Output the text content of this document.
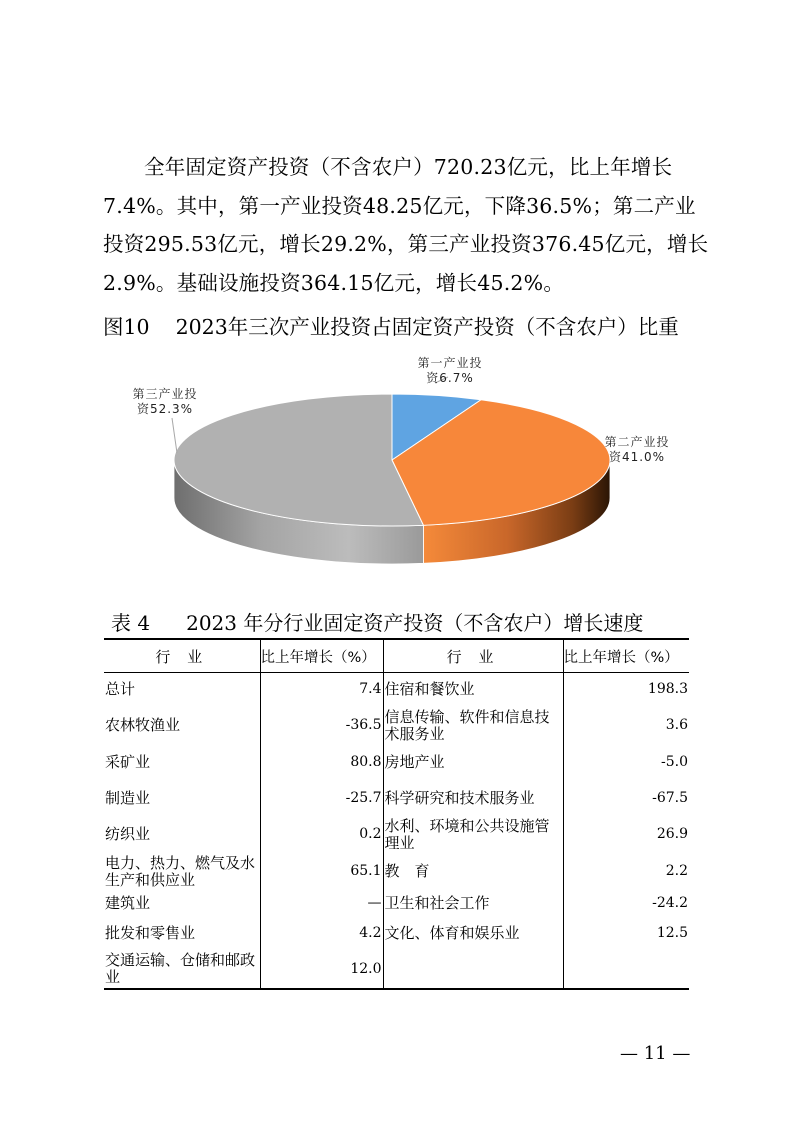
全年固定资产投资（不含农户）720.23亿元，比上年增长
7.4%。其中，第一产业投资48.25亿元，下降36.5%；第二产业
投资295.53亿元，增长29.2%，第三产业投资376.45亿元，增长
2.9%。基础设施投资364.15亿元，增长45.2%。
图10 2023年三次产业投资占固定资产投资（不含农户）比重
第一产业投
资6.7%
第二产业投
资41.0%
第三产业投
资52.3%
表 4 2023 年分行业固定资产投资（不含农户）增长速度
行 业	比上年增长（%）	行 业	比上年增长（%）
总计	7.4	住宿和餐饮业	198.3
农林牧渔业	-36.5	信息传输、软件和信息技术服务业	3.6
采矿业	80.8	房地产业	-5.0
制造业	-25.7	科学研究和技术服务业	-67.5
纺织业	0.2	水利、环境和公共设施管理业	26.9
电力、热力、燃气及水生产和供应业	65.1	教　育	2.2
建筑业	—	卫生和社会工作	-24.2
批发和零售业	4.2	文化、体育和娱乐业	12.5
交通运输、仓储和邮政业	12.0		
— 11 —
